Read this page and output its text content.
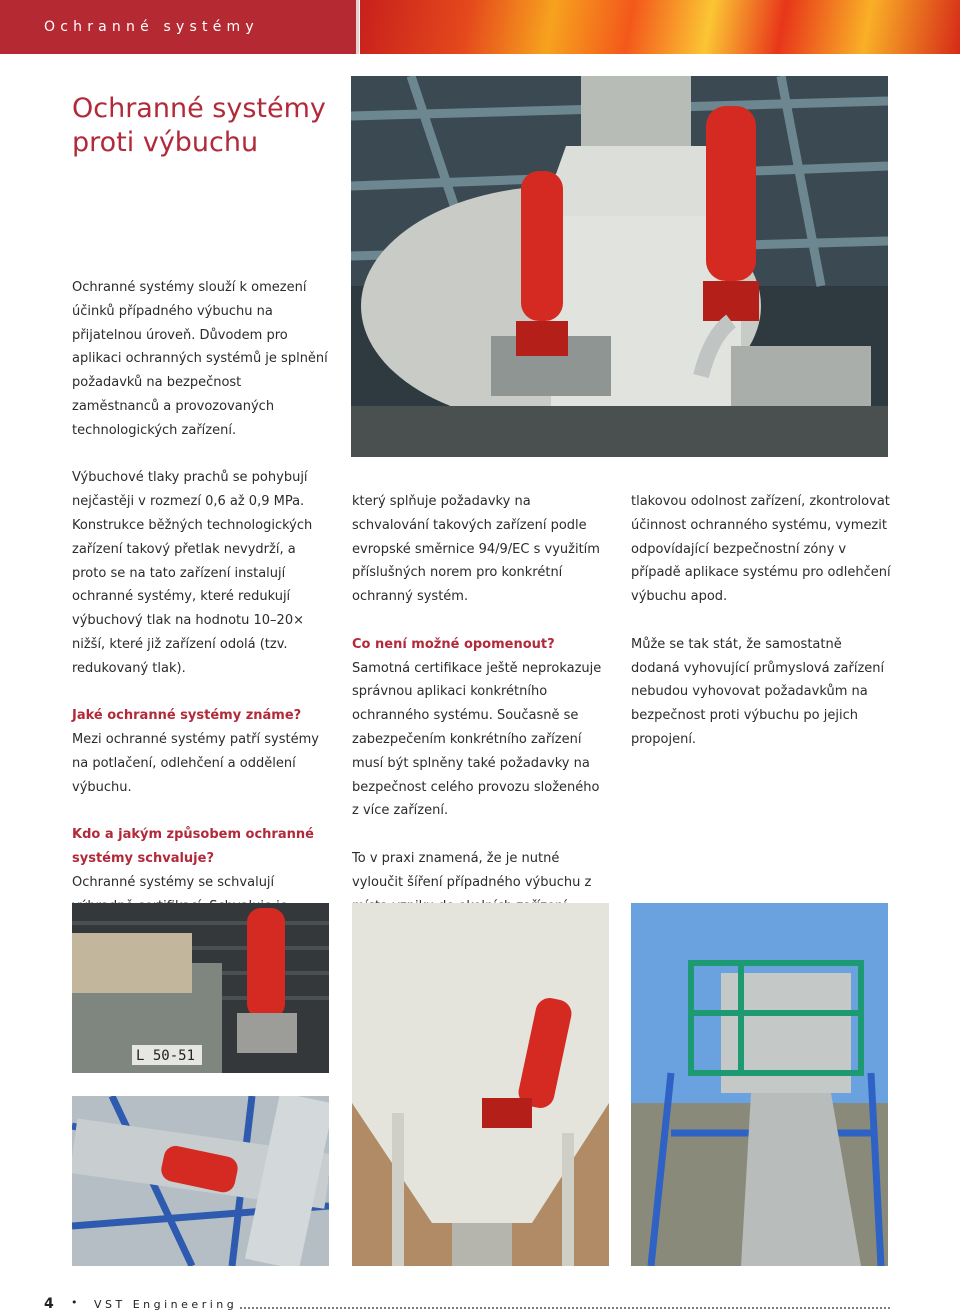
Ochranné systémy
Ochranné systémy
proti výbuchu

Ochranné systémy slouží k omezení účinků případného výbuchu na přijatelnou úroveň. Důvodem pro aplikaci ochranných systémů je splnění požadavků na bezpečnost zaměstnanců a provozovaných technologických zařízení.

Výbuchové tlaky prachů se pohybují nejčastěji v rozmezí 0,6 až 0,9 MPa. Konstrukce běžných technologických zařízení takový přetlak nevydrží, a proto se na tato zařízení instalují ochranné systémy, které redukují výbuchový tlak na hodnotu 10–20× nižší, které již zařízení odolá (tzv. redukovaný tlak).

Jaké ochranné systémy známe?

Mezi ochranné systémy patří systémy na potlačení, odlehčení a oddělení výbuchu.

Kdo a jakým způsobem ochranné systémy schvaluje?

Ochranné systémy se schvalují

který splňuje požadavky na schvalování takových zařízení podle evropské směrnice 94/9/EC s využitím příslušných norem pro konkrétní ochranný systém.

Co není možné opomenout?

Samotná certifikace ještě neprokazuje správnou aplikaci konkrétního ochranného systému. Současně se zabezpečením konkrétního zařízení musí být splněny také požadavky na bezpečnost celého provozu složeného z více zařízení.

To v praxi znamená, že je nutné vyloučit šíření případného výbuchu z

tlakovou odolnost zařízení, zkontrolovat účinnost ochranného systému, vymezit odpovídající bezpečnostní zóny v případě aplikace systému pro odlehčení výbuchu apod.

Může se tak stát, že samostatně dodaná vyhovující průmyslová zařízení nebudou vyhovovat požadavkům na bezpečnost proti výbuchu po jejich propojení.

L 50-51
4 • VST Engineering
